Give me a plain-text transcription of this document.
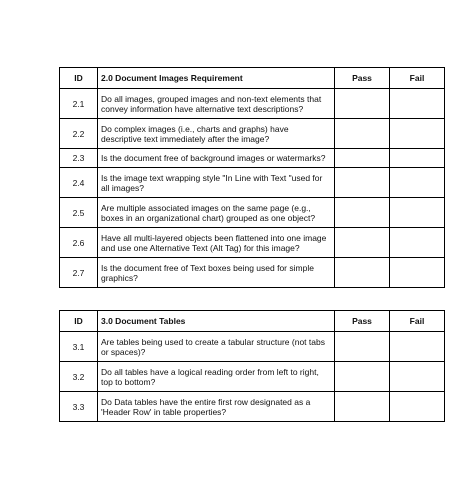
ID	2.0 Document Images Requirement	Pass	Fail
2.1	Do all images, grouped images and non-text elements that convey information have alternative text descriptions?		
2.2	Do complex images (i.e., charts and graphs) have descriptive text immediately after the image?		
2.3	Is the document free of background images or watermarks?		
2.4	Is the image text wrapping style "In Line with Text "used for all images?		
2.5	Are multiple associated images on the same page (e.g., boxes in an organizational chart) grouped as one object?		
2.6	Have all multi-layered objects been flattened into one image and use one Alternative Text (Alt Tag) for this image?		
2.7	Is the document free of Text boxes being used for simple graphics?		
ID	3.0 Document Tables	Pass	Fail
3.1	Are tables being used to create a tabular structure (not tabs or spaces)?		
3.2	Do all tables have a logical reading order from left to right, top to bottom?		
3.3	Do Data tables have the entire first row designated as a 'Header Row' in table properties?		
